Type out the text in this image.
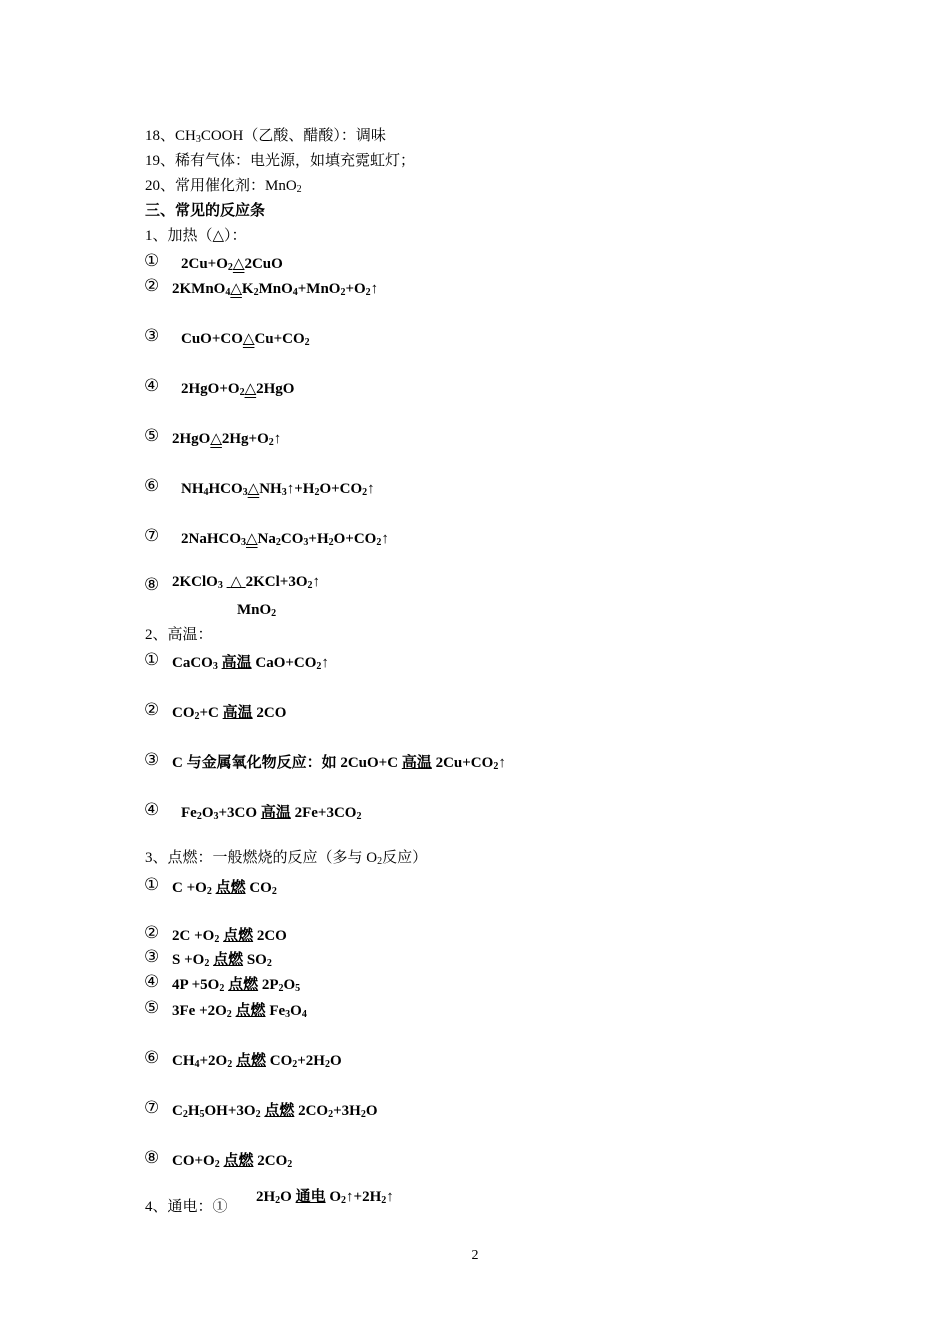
18、$CH_3COOH$（乙酸、醋酸）：调味
19、稀有气体：电光源，如填充霓虹灯；
20、常用催化剂：MnO$_2$
三、常见的反应条
1、加热（△）：
① $2Cu+O_2\triangle 2CuO$
② $2KMnO_4\triangle K_2MnO_4+MnO_2+O_2↑$
③ $CuO+CO\triangle Cu+CO_2$
④ $2HgO+O_2\triangle 2HgO$
⑤ $2HgO\triangle 2Hg+O_2↑$
⑥ $NH_4HCO_3\triangle NH_3↑+H_2O+CO_2↑$
⑦ $2NaHCO_3\triangle Na_2CO_3+H_2O+CO_2↑$
⑧ 2KClO$_3$ △ $2KCl+3O_2↑$
MnO$_2$
2、高温：
① CaCO$_3$ 高温 $CaO+CO_2↑$
② $CO_2+C$ 高温 2CO
③ C 与金属氧化物反应：如 2CuO+C 高温 $2Cu+CO_2↑$
④ $Fe_2O_3+3CO$ 高温 $2Fe+3CO_2$
3、点燃：一般燃烧的反应（多与 $O_2$反应）
① $C +O_2$ 点燃 $CO_2$
② $2C +O_2$ 点燃 2CO
③ $S +O_2$ 点燃 $SO_2$
④ $4P +5O_2$ 点燃 $2P_2O_5$
⑤ $3Fe +2O_2$ 点燃 $Fe_3O_4$
⑥ $CH_4+2O_2$ 点燃 $CO_2+2H_2O$
⑦ $C_2H_5OH+3O_2$ 点燃 $2CO_2+3H_2O$
⑧ $CO+O_2$ 点燃 $2CO_2$
4、通电：①
$2H_2O$ 通电 $O_2↑+2H_2↑$
2
